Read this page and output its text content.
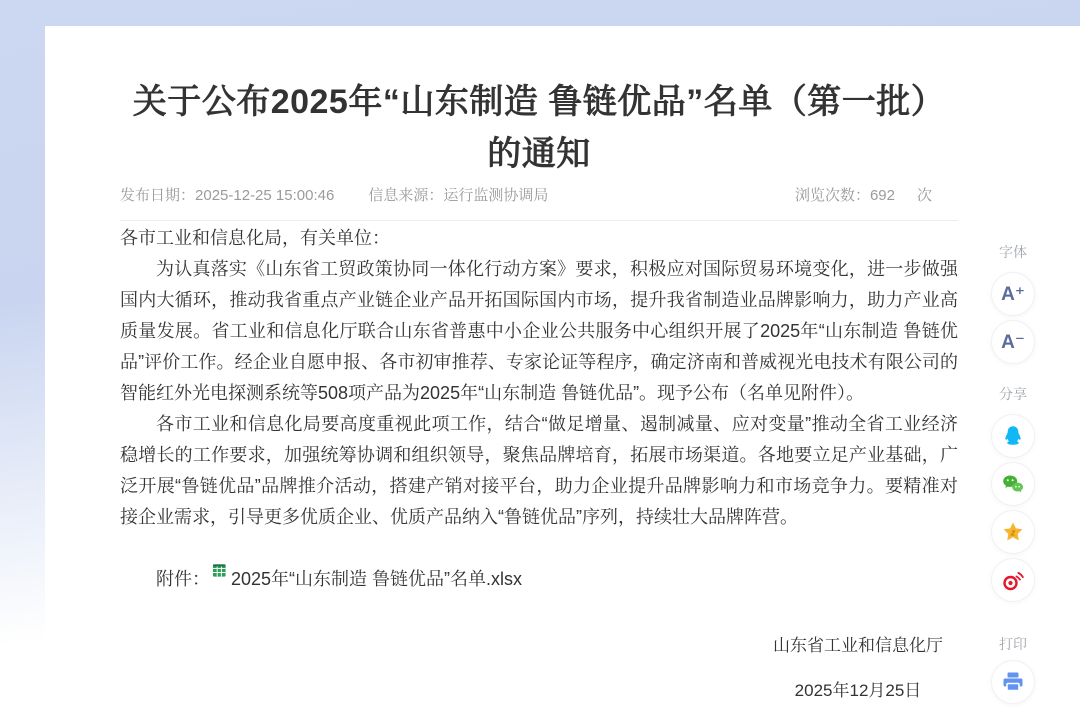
关于公布2025年“山东制造 鲁链优品”名单（第一批）的通知
发布日期：2025-12-25 15:00:46 信息来源：运行监测协调局	浏览次数：692 次

各市工业和信息化局，有关单位：

为认真落实《山东省工贸政策协同一体化行动方案》要求，积极应对国际贸易环境变化，进一步做强国内大循环，推动我省重点产业链企业产品开拓国际国内市场，提升我省制造业品牌影响力，助力产业高质量发展。省工业和信息化厅联合山东省普惠中小企业公共服务中心组织开展了2025年“山东制造 鲁链优品”评价工作。经企业自愿申报、各市初审推荐、专家论证等程序，确定济南和普威视光电技术有限公司的智能红外光电探测系统等508项产品为2025年“山东制造 鲁链优品”。现予公布（名单见附件）。

各市工业和信息化局要高度重视此项工作，结合“做足增量、遏制减量、应对变量”推动全省工业经济稳增长的工作要求，加强统筹协调和组织领导，聚焦品牌培育，拓展市场渠道。各地要立足产业基础，广泛开展“鲁链优品”品牌推介活动，搭建产销对接平台，助力企业提升品牌影响力和市场竞争力。要精准对接企业需求，引导更多优质企业、优质产品纳入“鲁链优品”序列，持续壮大品牌阵营。

附件： 2025年“山东制造 鲁链优品”名单.xlsx
山东省工业和信息化厅
2025年12月25日
字体
A⁺
A⁻
分享
z
打印
